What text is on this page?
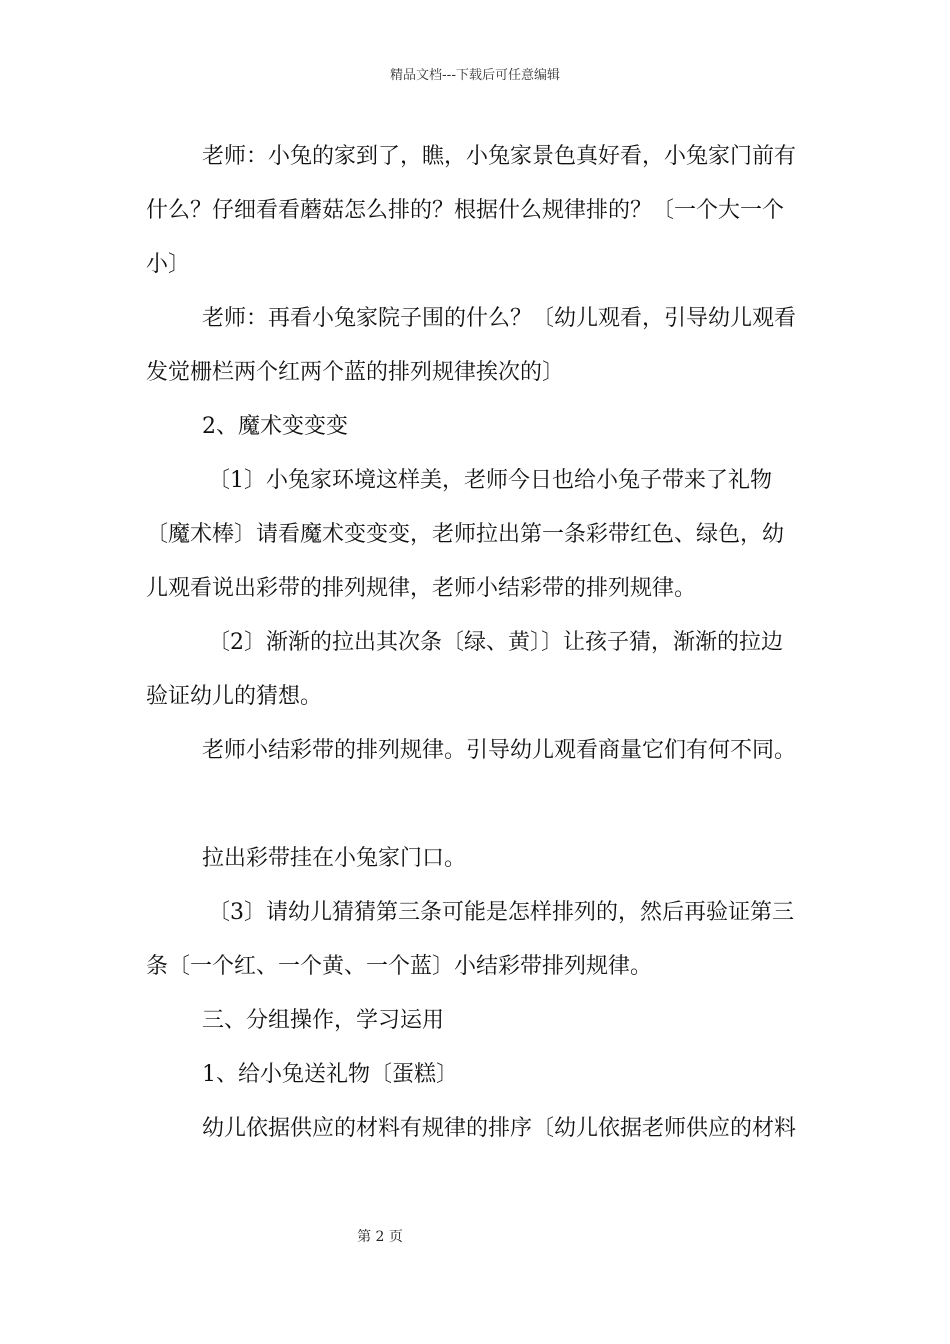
精品文档---下载后可任意编辑
老师：小兔的家到了，瞧，小兔家景色真好看，小兔家门前有
什么？仔细看看蘑菇怎么排的？根据什么规律排的？〔一个大一个
小〕
老师：再看小兔家院子围的什么？〔幼儿观看，引导幼儿观看
发觉栅栏两个红两个蓝的排列规律挨次的〕
2、魔术变变变
〔1〕小兔家环境这样美，老师今日也给小兔子带来了礼物
〔魔术棒〕请看魔术变变变，老师拉出第一条彩带红色、绿色，幼
儿观看说出彩带的排列规律，老师小结彩带的排列规律。
〔2〕渐渐的拉出其次条〔绿、黄〕〕让孩子猜，渐渐的拉边
验证幼儿的猜想。
老师小结彩带的排列规律。引导幼儿观看商量它们有何不同。
拉出彩带挂在小兔家门口。
〔3〕请幼儿猜猜第三条可能是怎样排列的，然后再验证第三
条〔一个红、一个黄、一个蓝〕小结彩带排列规律。
三、分组操作，学习运用
1、给小兔送礼物〔蛋糕〕
幼儿依据供应的材料有规律的排序〔幼儿依据老师供应的材料
第 2 页
